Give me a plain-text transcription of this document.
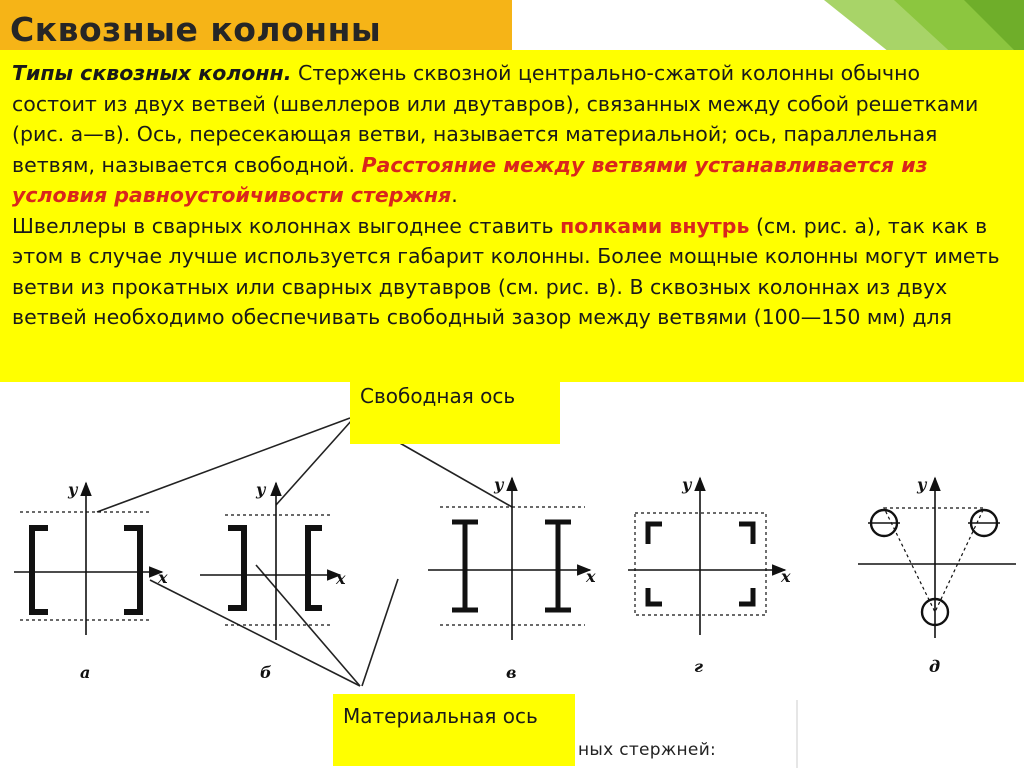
Сквозные колонны

Типы сквозных колонн. Стержень сквозной центрально-сжатой колонны обычно состоит из двух ветвей (швеллеров или двутавров), связанных между собой решетками (рис. а—в). Ось, пересекающая ветви, называется материальной; ось, параллельная ветвям, называется свободной. Расстояние между ветвями устанавливается из условия равноустойчивости стержня.

Швеллеры в сварных колоннах выгоднее ставить полками внутрь (см. рис. а), так как в этом в случае лучше используется габарит колонны. Более мощные колонны могут иметь ветви из прокатных или сварных двутавров (см. рис. в). В сквозных колоннах из двух ветвей необходимо обеспечивать свободный зазор между ветвями (100—150 мм) для

y
x
а
y
x
б
y
x
в
y
x
г
y
д
Свободная ось
Материальная ось
ных стержней:
